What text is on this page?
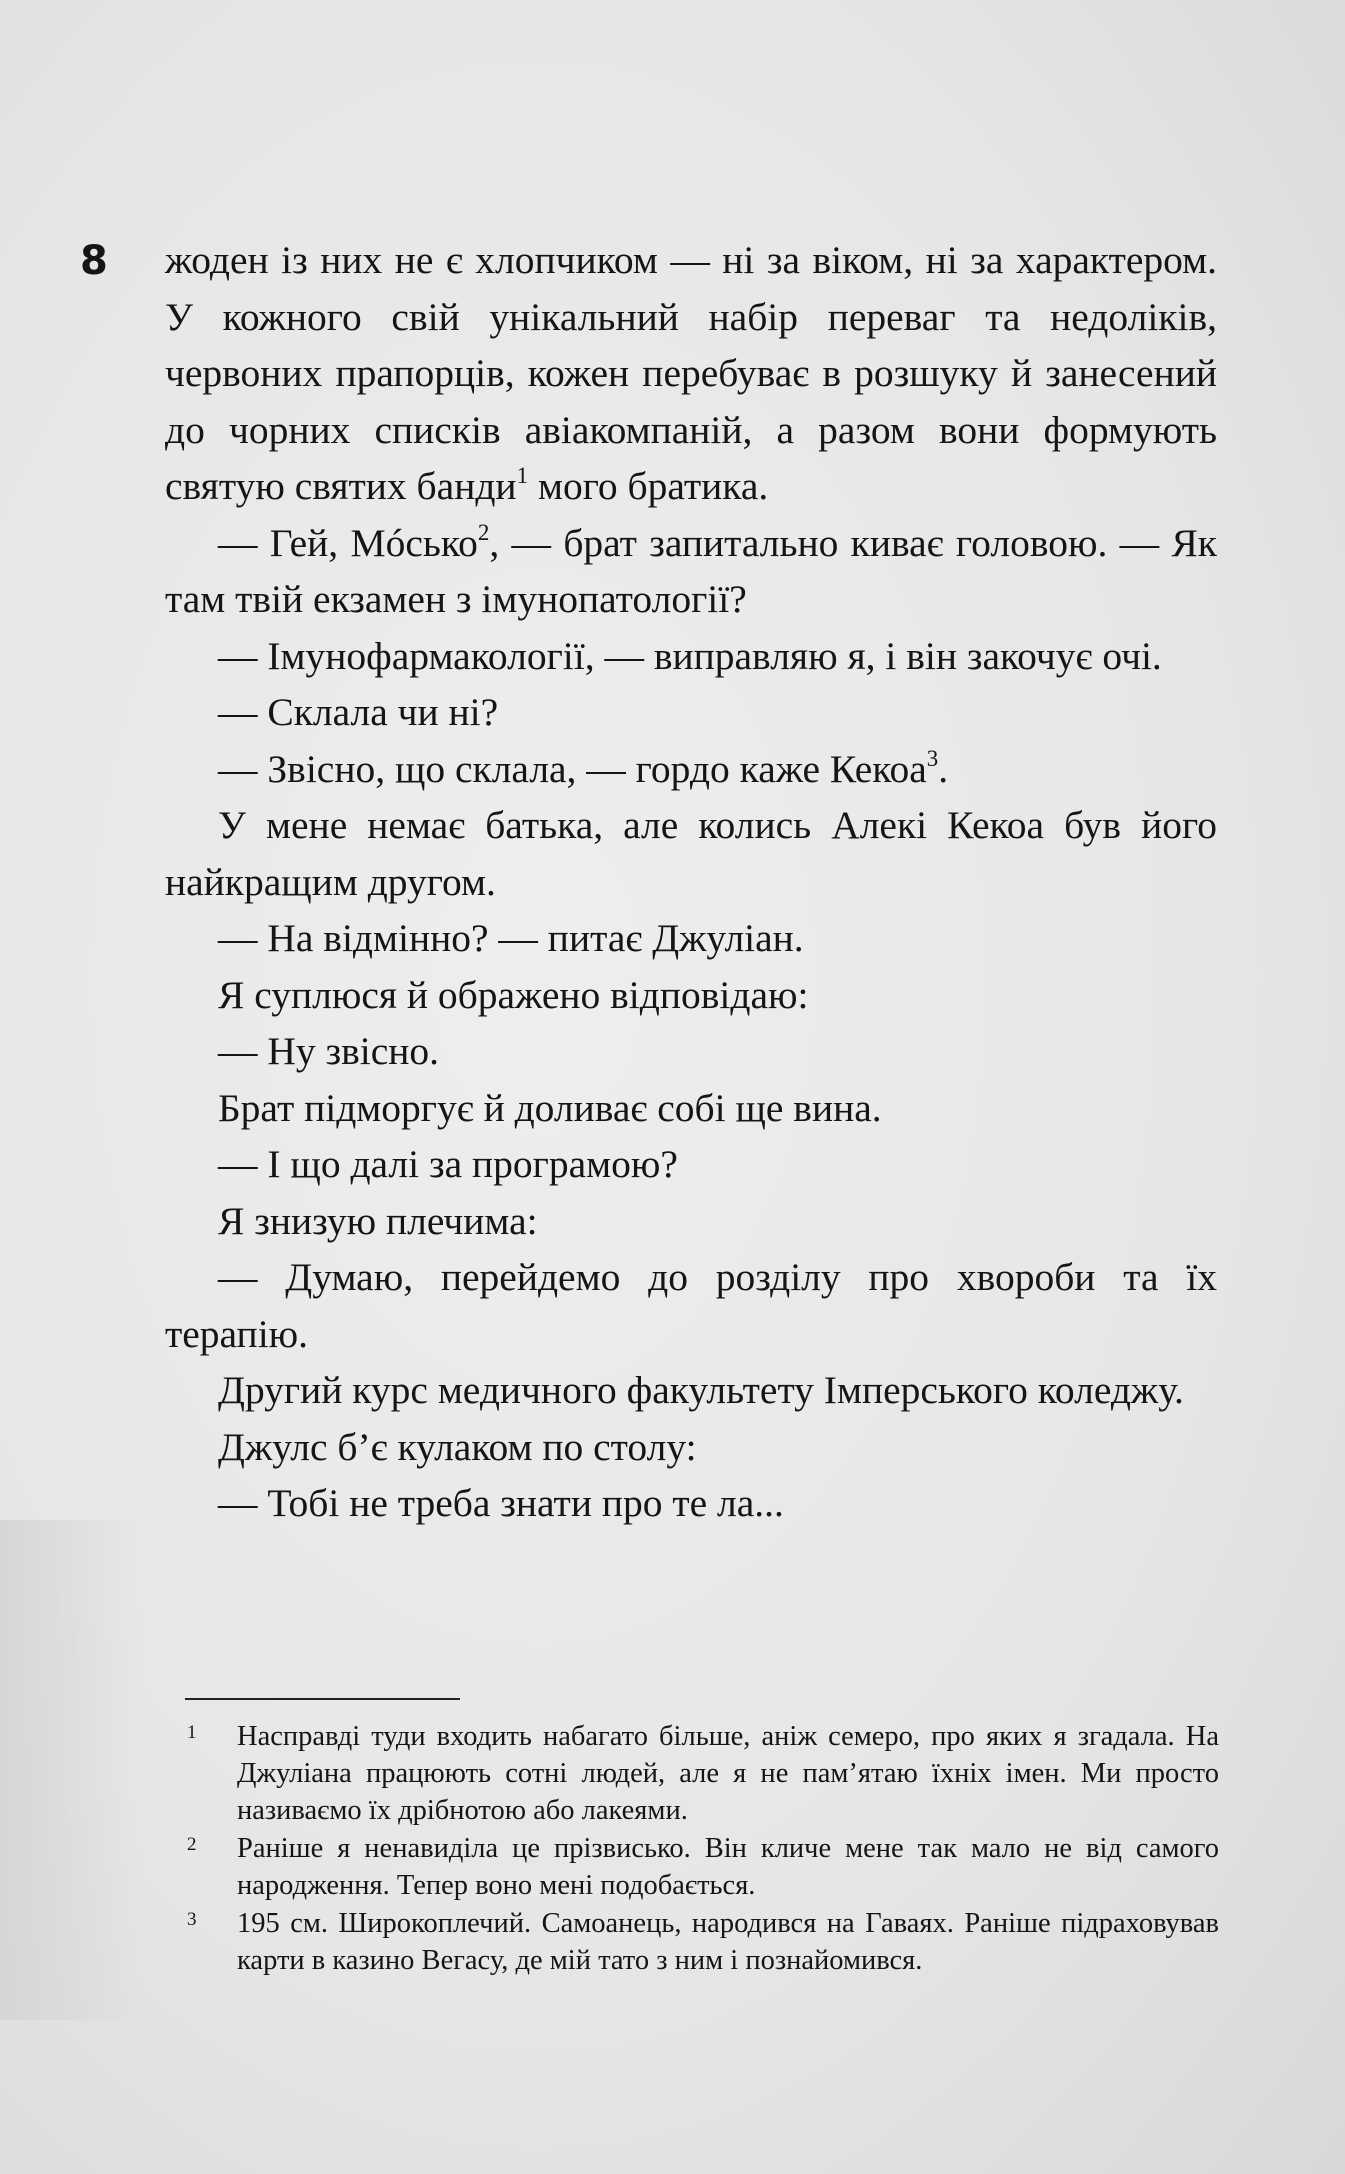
8 жоден із них не є хлопчиком — ні за віком, ні за характером. У кожного свій унікальний набір переваг та недоліків, червоних прапорців, кожен перебуває в розшуку й занесений до чорних списків авіакомпаній, а разом вони формують святую святих банди$^1$ мого братика.

— Гей, Мóсько$^2$, — брат запитально киває головою. — Як там твій екзамен з імунопатології?

— Імунофармакології, — виправляю я, і він закочує очі.

— Склала чи ні?

— Звісно, що склала, — гордо каже Кекоа$^3$.

У мене немає батька, але колись Алекі Кекоа був його найкращим другом.

— На відмінно? — питає Джуліан.

Я суплюся й ображено відповідаю:

— Ну звісно.

Брат підморгує й доливає собі ще вина.

— І що далі за програмою?

Я знизую плечима:

— Думаю, перейдемо до розділу про хвороби та їх терапію.

Другий курс медичного факультету Імперського коледжу.

Джулс б’є кулаком по столу:

— Тобі не треба знати про те ла...

1 Насправді туди входить набагато більше, аніж семеро, про яких я згадала. На Джуліана працюють сотні людей, але я не пам’ятаю їхніх імен. Ми просто називаємо їх дрібнотою або лакеями.
2 Раніше я ненавиділа це прізвисько. Він кличе мене так мало не від самого народження. Тепер воно мені подобається.
3 195 см. Широкоплечий. Самоанець, народився на Гаваях. Раніше підраховував карти в казино Вегасу, де мій тато з ним і познайомився.
